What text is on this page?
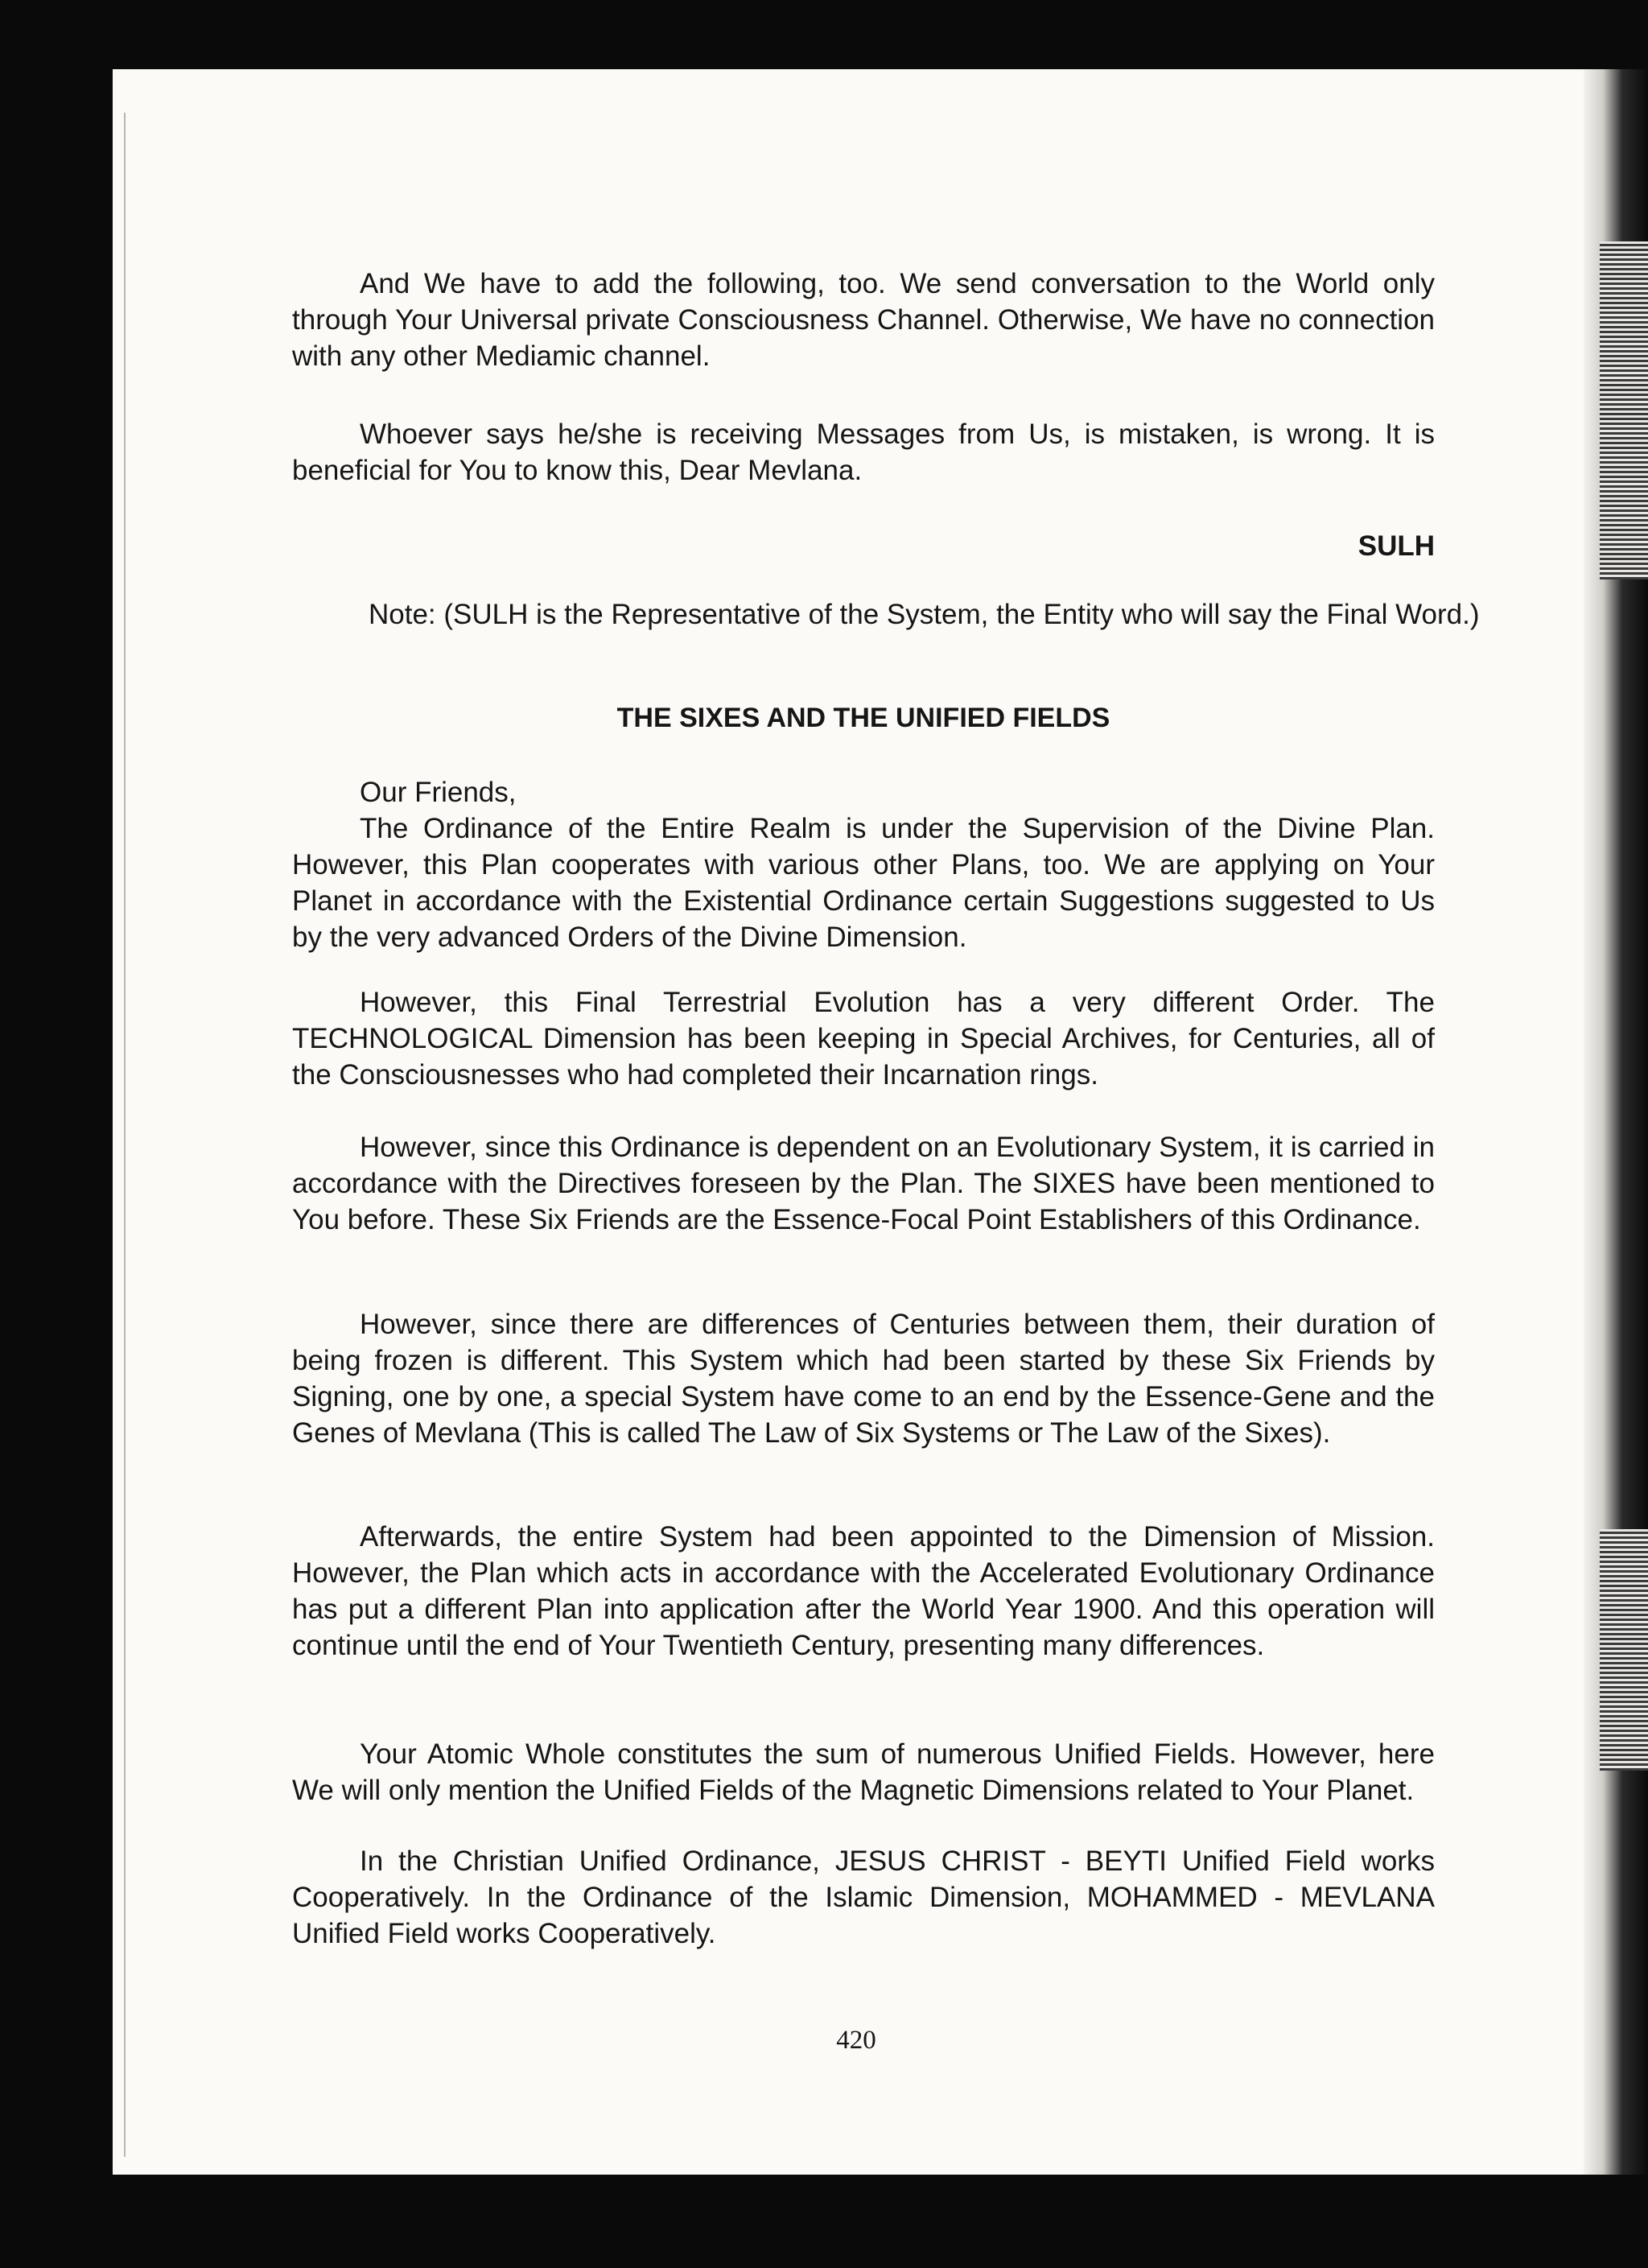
And We have to add the following, too. We send conversation to the World only through Your Universal private Consciousness Channel. Otherwise, We have no connection with any other Mediamic channel.

Whoever says he/she is receiving Messages from Us, is mistaken, is wrong. It is beneficial for You to know this, Dear Mevlana.

SULH

Note: (SULH is the Representative of the System, the Entity who will say the Final Word.)

THE SIXES AND THE UNIFIED FIELDS

Our Friends,

The Ordinance of the Entire Realm is under the Supervision of the Divine Plan. However, this Plan cooperates with various other Plans, too. We are applying on Your Planet in accordance with the Existential Ordinance certain Suggestions suggested to Us by the very advanced Orders of the Divine Dimension.

However, this Final Terrestrial Evolution has a very different Order. The TECHNOLOGICAL Dimension has been keeping in Special Archives, for Centuries, all of the Consciousnesses who had completed their Incarnation rings.

However, since this Ordinance is dependent on an Evolutionary System, it is carried in accordance with the Directives foreseen by the Plan. The SIXES have been mentioned to You before. These Six Friends are the Essence-Focal Point Establishers of this Ordinance.

However, since there are differences of Centuries between them, their duration of being frozen is different. This System which had been started by these Six Friends by Signing, one by one, a special System have come to an end by the Essence-Gene and the Genes of Mevlana (This is called The Law of Six Systems or The Law of the Sixes).

Afterwards, the entire System had been appointed to the Dimension of Mission. However, the Plan which acts in accordance with the Accelerated Evolutionary Ordinance has put a different Plan into application after the World Year 1900. And this operation will continue until the end of Your Twentieth Century, presenting many differences.

Your Atomic Whole constitutes the sum of numerous Unified Fields. However, here We will only mention the Unified Fields of the Magnetic Dimensions related to Your Planet.

In the Christian Unified Ordinance, JESUS CHRIST - BEYTI Unified Field works Cooperatively. In the Ordinance of the Islamic Dimension, MOHAMMED - MEVLANA Unified Field works Cooperatively.

420
